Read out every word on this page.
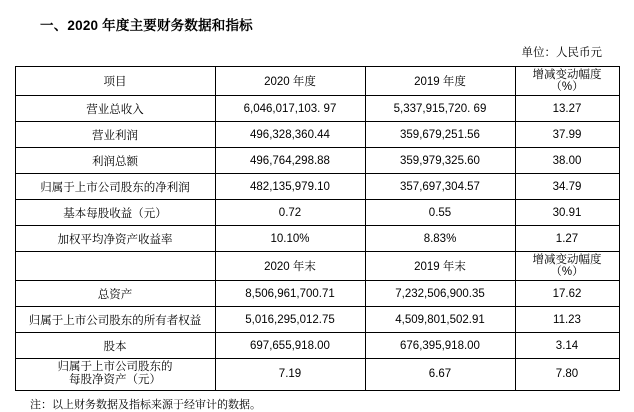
一、2020 年度主要财务数据和指标
单位：人民币元
项目	2020 年度	2019 年度	增减变动幅度
（%）

营业总收入	6,046,017,103. 97	5,337,915,720. 69	13.27
营业利润	496,328,360.44	359,679,251.56	37.99
利润总额	496,764,298.88	359,979,325.60	38.00
归属于上市公司股东的净利润	482,135,979.10	357,697,304.57	34.79
基本每股收益（元）	0.72	0.55	30.91
加权平均净资产收益率	10.10%	8.83%	1.27
	2020 年末	2019 年末	增减变动幅度
（%）

总资产	8,506,961,700.71	7,232,506,900.35	17.62
归属于上市公司股东的所有者权益	5,016,295,012.75	4,509,801,502.91	11.23
股本	697,655,918.00	676,395,918.00	3.14

归属于上市公司股东的
每股净资产（元）	7.19	6.67	7.80
注：以上财务数据及指标来源于经审计的数据。
